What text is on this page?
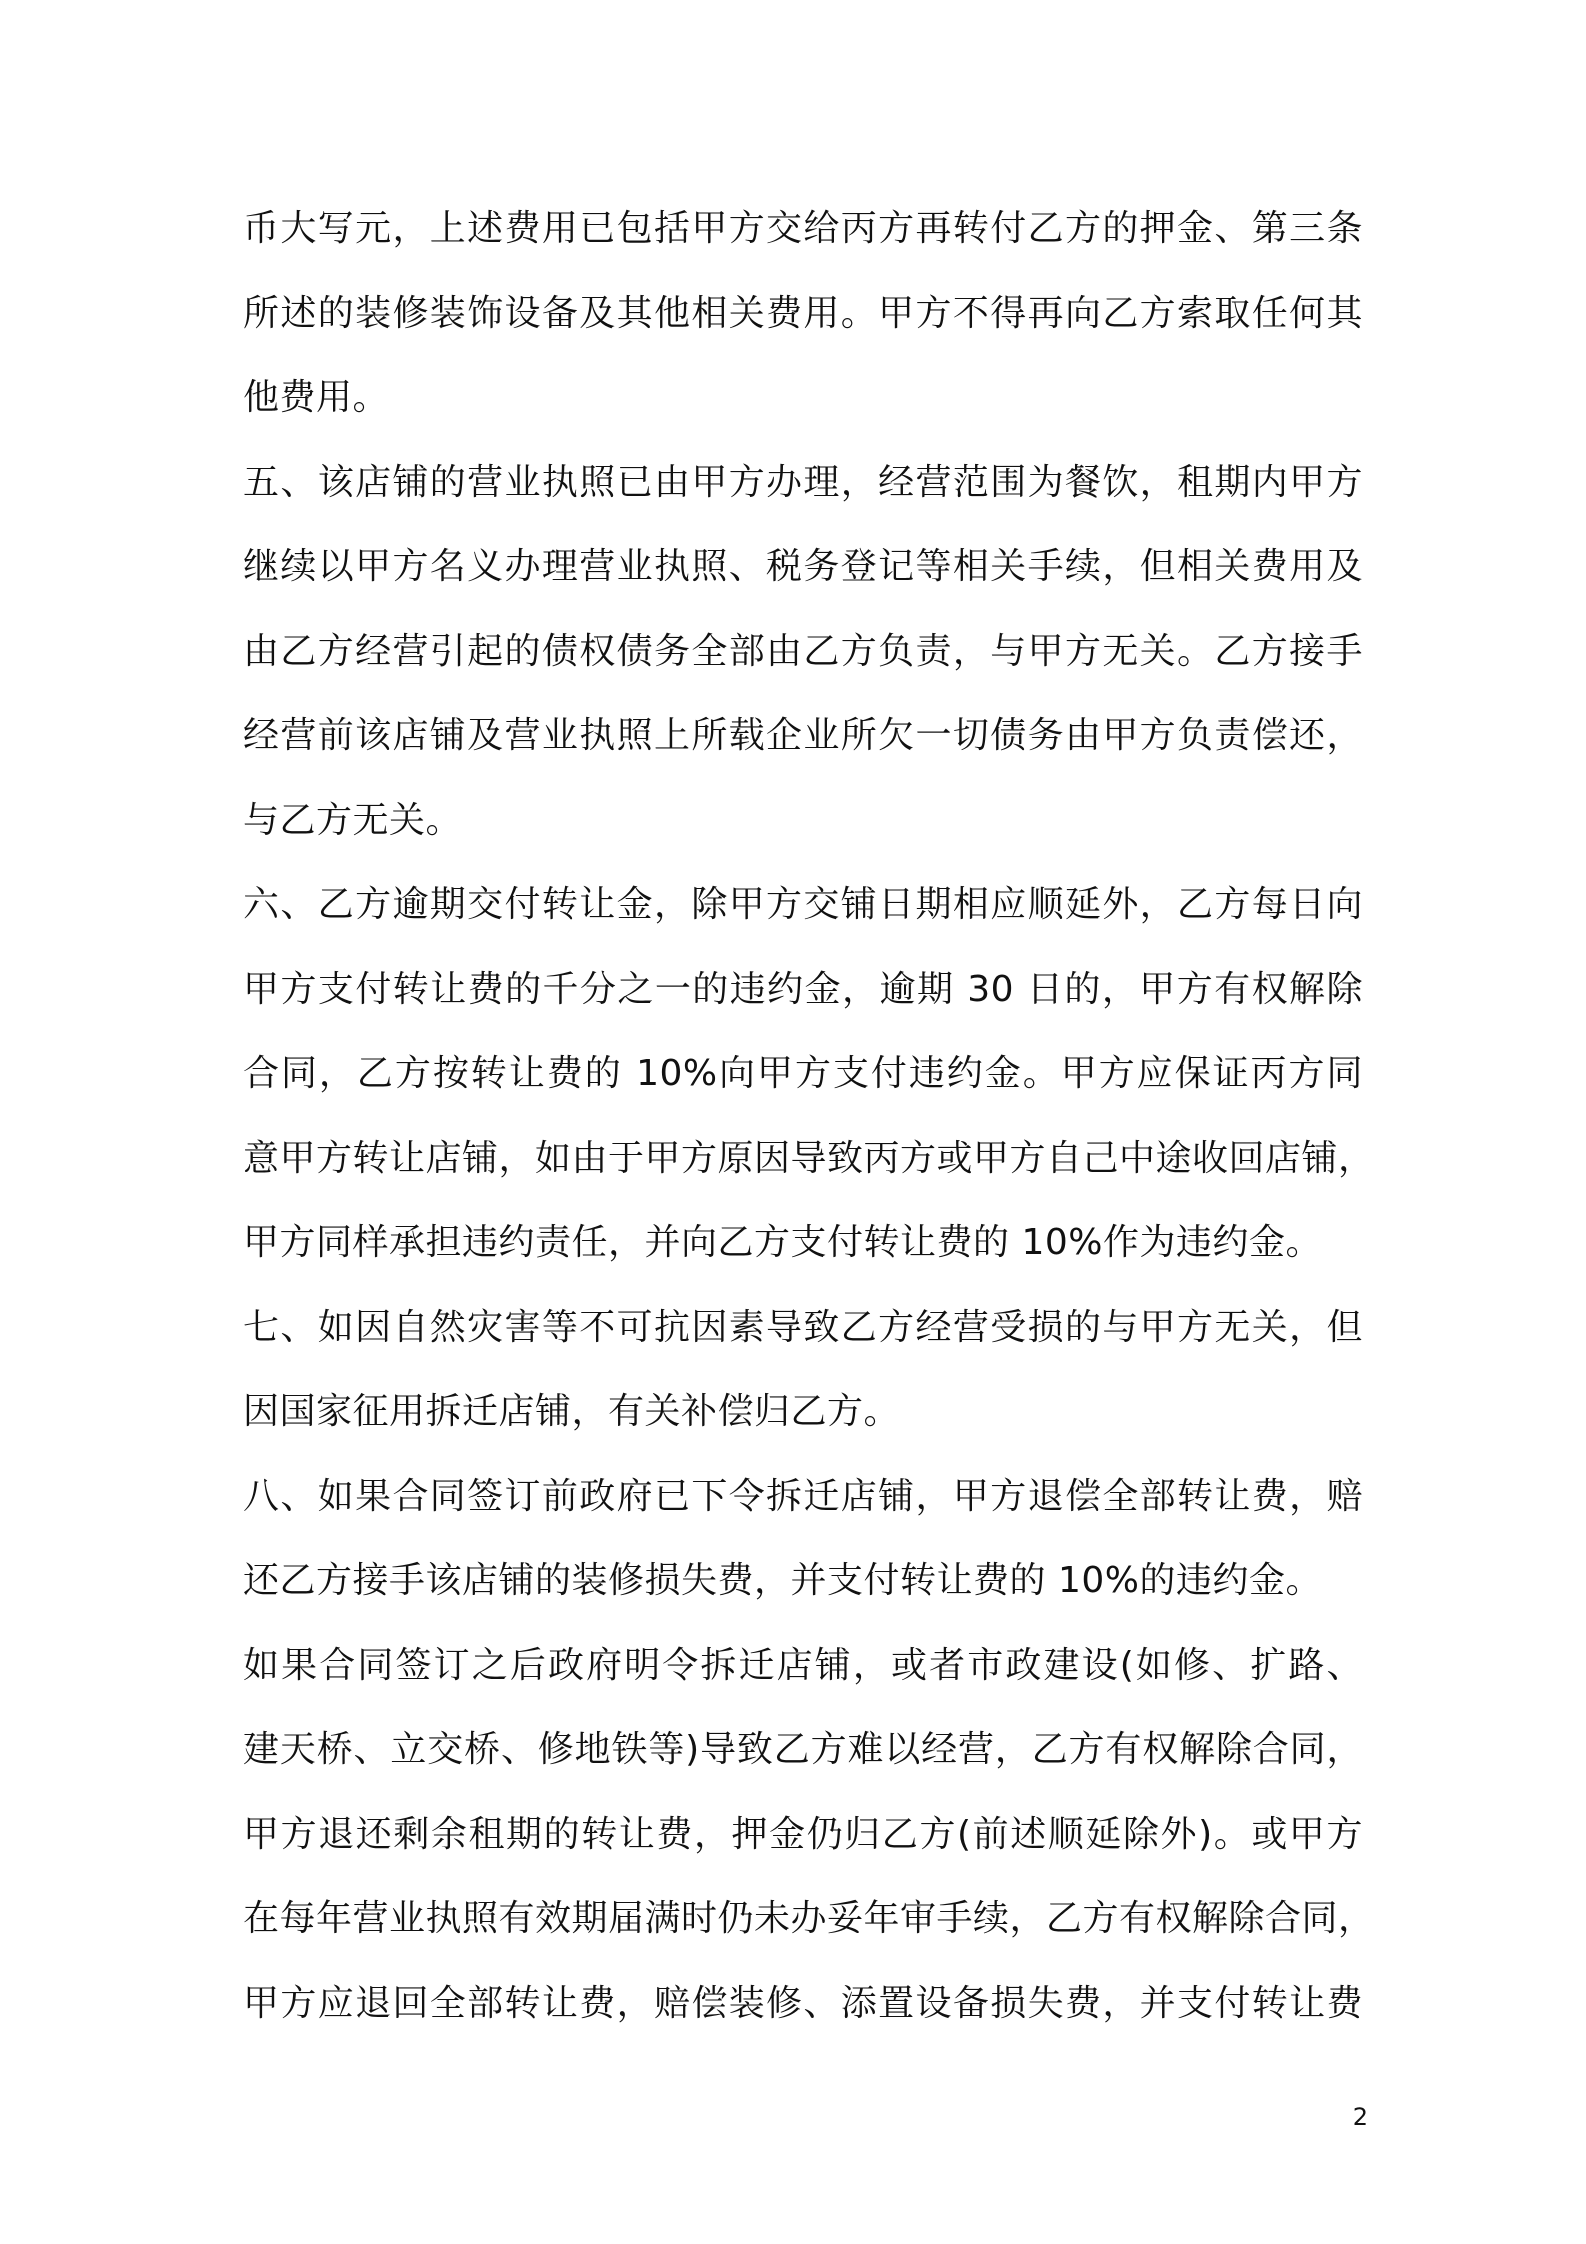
币大写元，上述费用已包括甲方交给丙方再转付乙方的押金、第三条
所述的装修装饰设备及其他相关费用。甲方不得再向乙方索取任何其
他费用。
五、该店铺的营业执照已由甲方办理，经营范围为餐饮，租期内甲方
继续以甲方名义办理营业执照、税务登记等相关手续，但相关费用及
由乙方经营引起的债权债务全部由乙方负责，与甲方无关。乙方接手
经营前该店铺及营业执照上所载企业所欠一切债务由甲方负责偿还，
与乙方无关。
六、乙方逾期交付转让金，除甲方交铺日期相应顺延外，乙方每日向
甲方支付转让费的千分之一的违约金，逾期 30 日的，甲方有权解除
合同，乙方按转让费的 10%向甲方支付违约金。甲方应保证丙方同
意甲方转让店铺，如由于甲方原因导致丙方或甲方自己中途收回店铺，
甲方同样承担违约责任，并向乙方支付转让费的 10%作为违约金。
七、如因自然灾害等不可抗因素导致乙方经营受损的与甲方无关，但
因国家征用拆迁店铺，有关补偿归乙方。
八、如果合同签订前政府已下令拆迁店铺，甲方退偿全部转让费，赔
还乙方接手该店铺的装修损失费，并支付转让费的 10%的违约金。
如果合同签订之后政府明令拆迁店铺，或者市政建设(如修、扩路、
建天桥、立交桥、修地铁等)导致乙方难以经营，乙方有权解除合同，
甲方退还剩余租期的转让费，押金仍归乙方(前述顺延除外)。或甲方
在每年营业执照有效期届满时仍未办妥年审手续，乙方有权解除合同，
甲方应退回全部转让费，赔偿装修、添置设备损失费，并支付转让费
2
